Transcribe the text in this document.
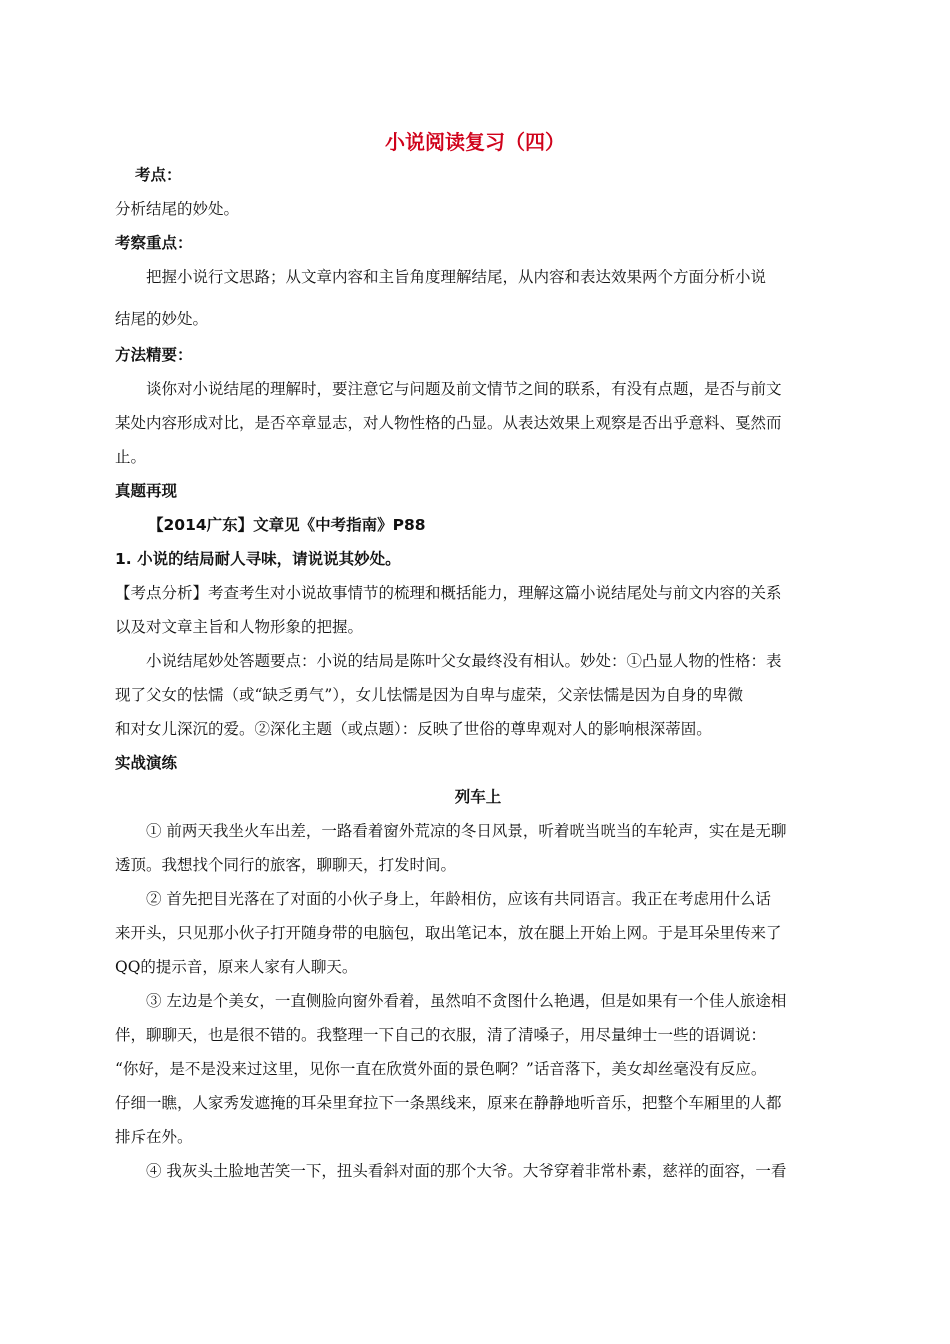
小说阅读复习（四）
考点：
分析结尾的妙处。
考察重点：
把握小说行文思路；从文章内容和主旨角度理解结尾，从内容和表达效果两个方面分析小说
结尾的妙处。
方法精要：
谈你对小说结尾的理解时，要注意它与问题及前文情节之间的联系，有没有点题，是否与前文
某处内容形成对比，是否卒章显志，对人物性格的凸显。从表达效果上观察是否出乎意料、戛然而
止。
真题再现
【2014广东】文章见《中考指南》P88
1. 小说的结局耐人寻味，请说说其妙处。
【考点分析】考查考生对小说故事情节的梳理和概括能力，理解这篇小说结尾处与前文内容的关系
以及对文章主旨和人物形象的把握。
小说结尾妙处答题要点：小说的结局是陈叶父女最终没有相认。妙处：①凸显人物的性格：表
现了父女的怯懦（或“缺乏勇气”），女儿怯懦是因为自卑与虚荣，父亲怯懦是因为自身的卑微
和对女儿深沉的爱。②深化主题（或点题）：反映了世俗的尊卑观对人的影响根深蒂固。
实战演练
列车上
① 前两天我坐火车出差，一路看着窗外荒凉的冬日风景，听着咣当咣当的车轮声，实在是无聊
透顶。我想找个同行的旅客，聊聊天，打发时间。
② 首先把目光落在了对面的小伙子身上，年龄相仿，应该有共同语言。我正在考虑用什么话
来开头，只见那小伙子打开随身带的电脑包，取出笔记本，放在腿上开始上网。于是耳朵里传来了
QQ的提示音，原来人家有人聊天。
③ 左边是个美女，一直侧脸向窗外看着，虽然咱不贪图什么艳遇，但是如果有一个佳人旅途相
伴，聊聊天，也是很不错的。我整理一下自己的衣服，清了清嗓子，用尽量绅士一些的语调说：
“你好，是不是没来过这里，见你一直在欣赏外面的景色啊？”话音落下，美女却丝毫没有反应。
仔细一瞧，人家秀发遮掩的耳朵里耷拉下一条黑线来，原来在静静地听音乐，把整个车厢里的人都
排斥在外。
④ 我灰头土脸地苦笑一下，扭头看斜对面的那个大爷。大爷穿着非常朴素，慈祥的面容，一看
